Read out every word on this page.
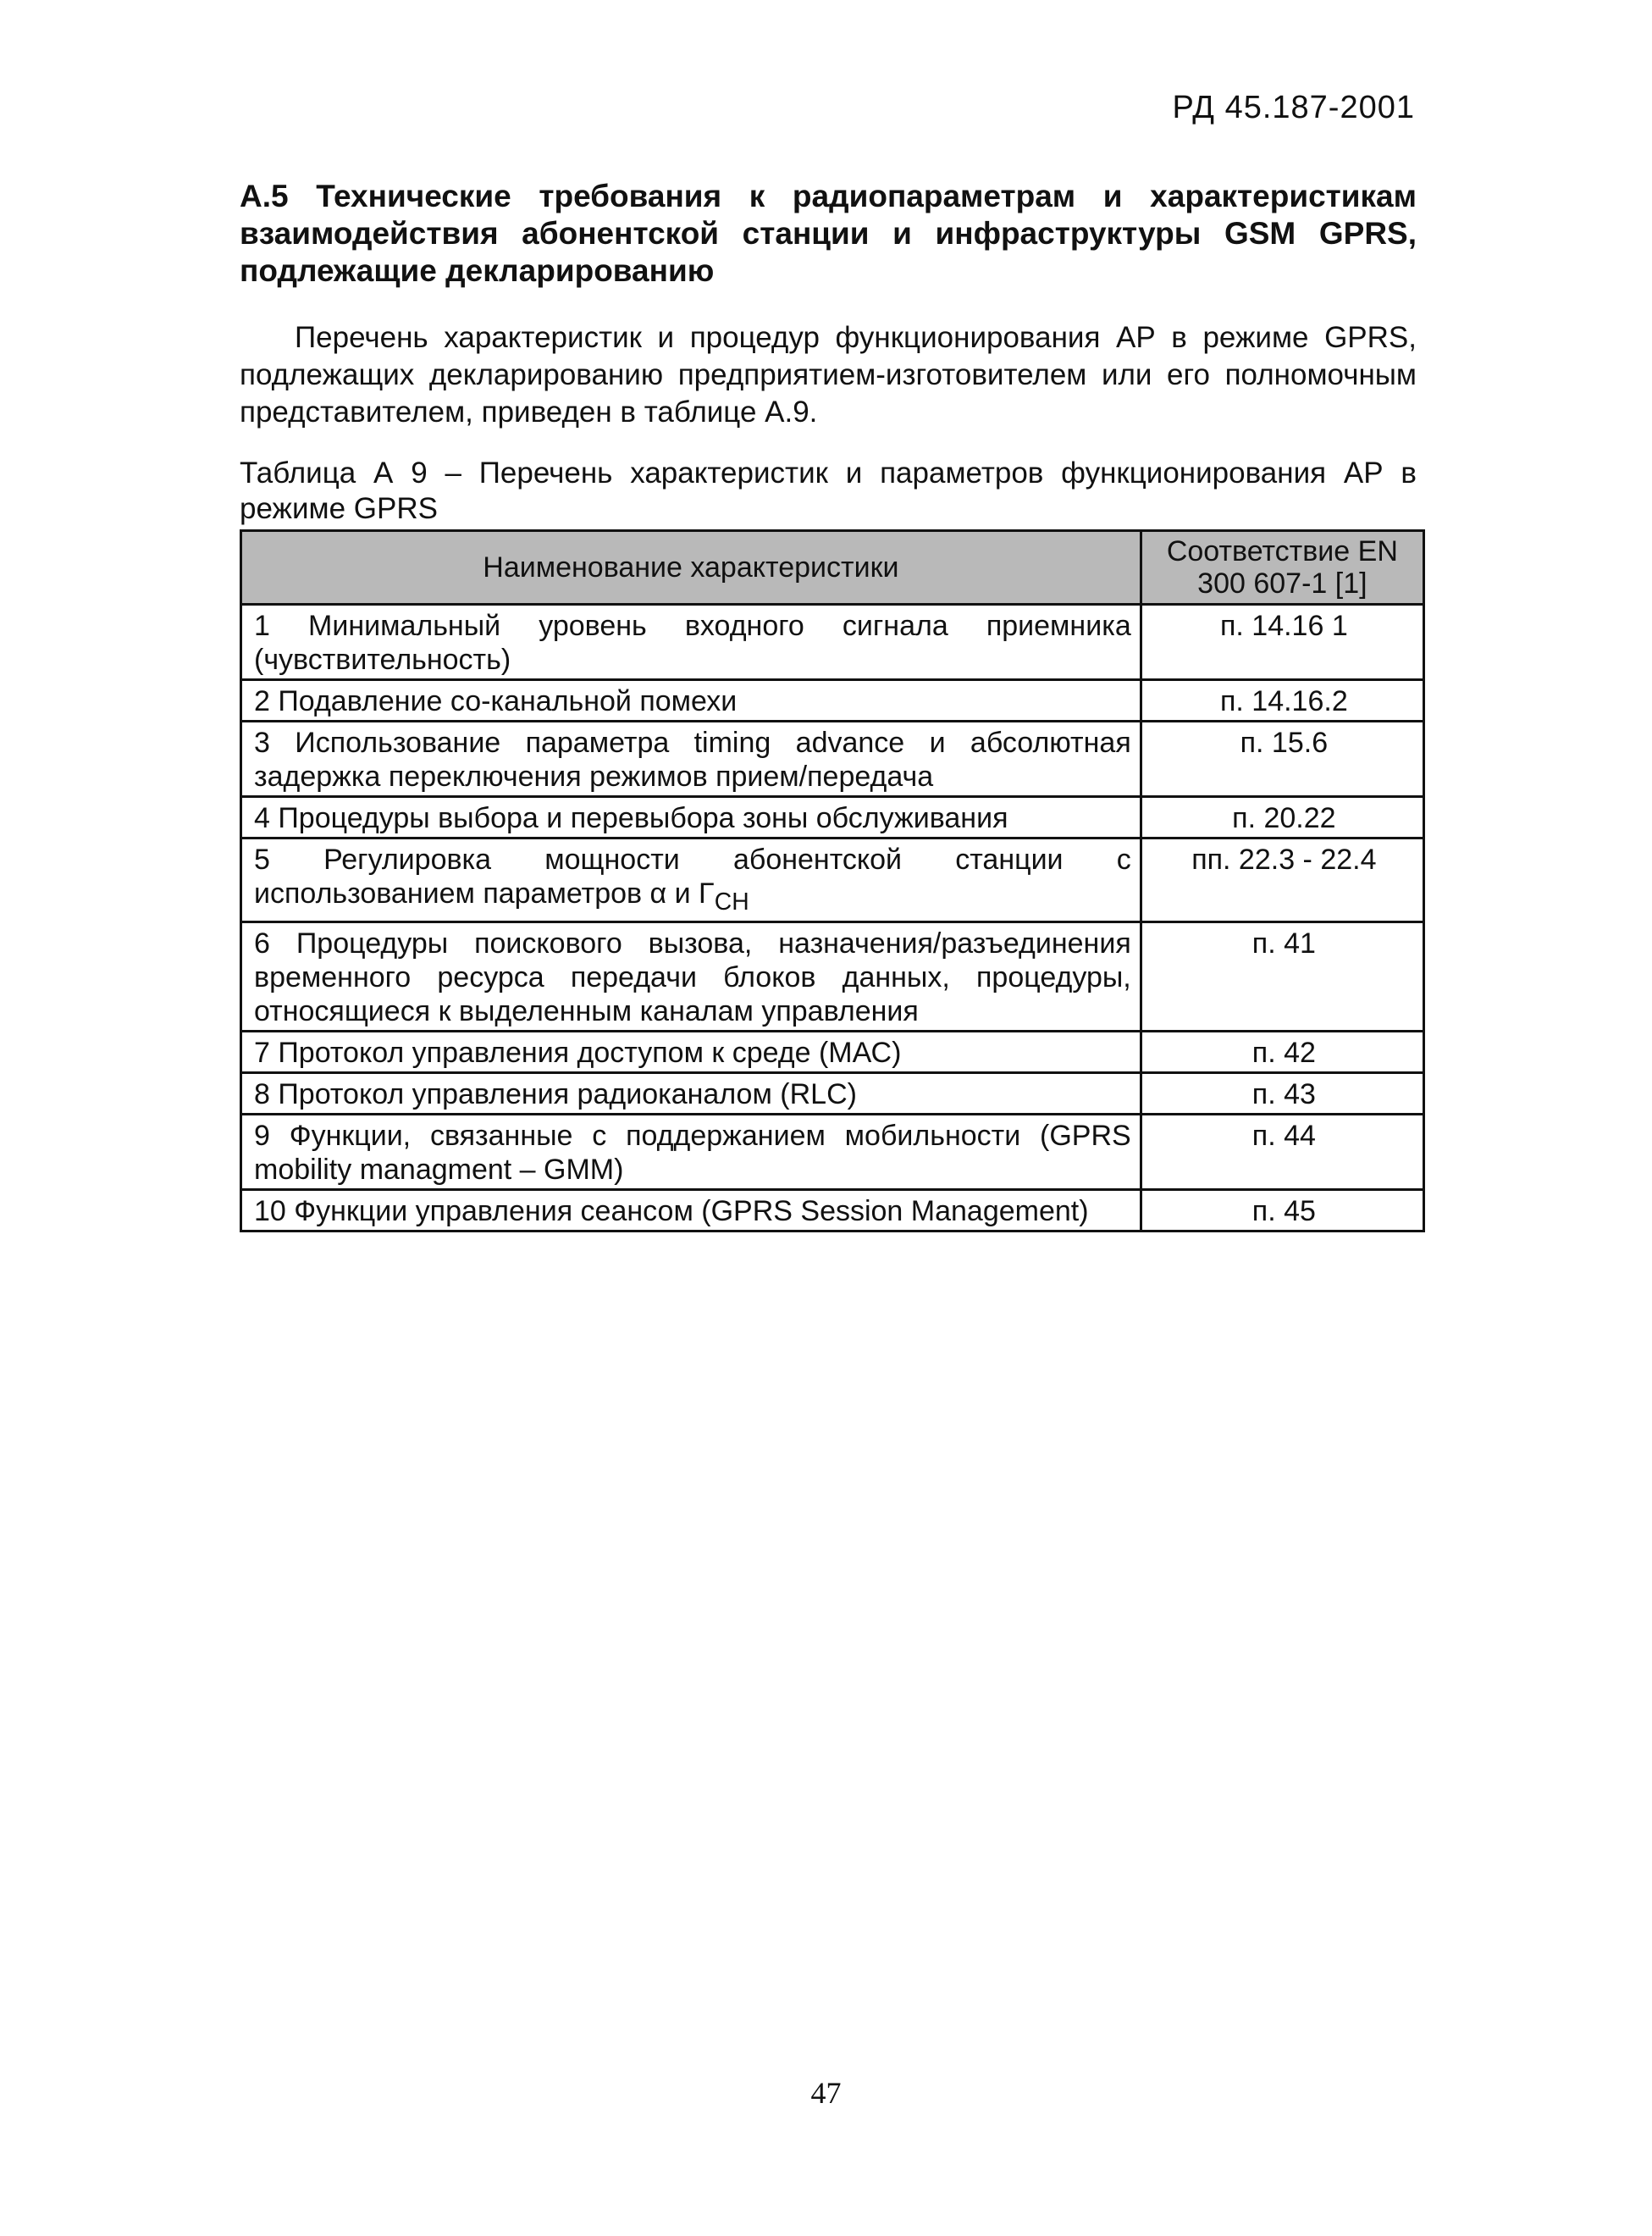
РД 45.187-2001
А.5 Технические требования к радиопараметрам и характеристикам взаимодействия абонентской станции и инфраструктуры GSM GPRS, подлежащие декларированию
Перечень характеристик и процедур функционирования АР в режиме GPRS, подлежащих декларированию предприятием-изготовителем или его полномочным представителем, приведен в таблице А.9.
Таблица А 9 – Перечень характеристик и параметров функционирования АР в режиме GPRS
Наименование характеристики	Соответствие EN 300 607-1 [1]
1 Минимальный уровень входного сигнала приемника (чувствительность)	п. 14.16 1
2 Подавление со-канальной помехи	п. 14.16.2
3 Использование параметра timing advance и абсолютная задержка переключения режимов прием/передача	п. 15.6
4 Процедуры выбора и перевыбора зоны обслуживания	п. 20.22
5 Регулировка мощности абонентской станции с использованием параметров α и $\Gamma_{CH}$	пп. 22.3 - 22.4
6 Процедуры поискового вызова, назначения/разъединения временного ресурса передачи блоков данных, процедуры, относящиеся к выделенным каналам управления	п. 41
7 Протокол управления доступом к среде (МАС)	п. 42
8 Протокол управления радиоканалом (RLC)	п. 43
9 Функции, связанные с поддержанием мобильности (GPRS mobility managment – GMM)	п. 44
10 Функции управления сеансом (GPRS Session Management)	п. 45
47
